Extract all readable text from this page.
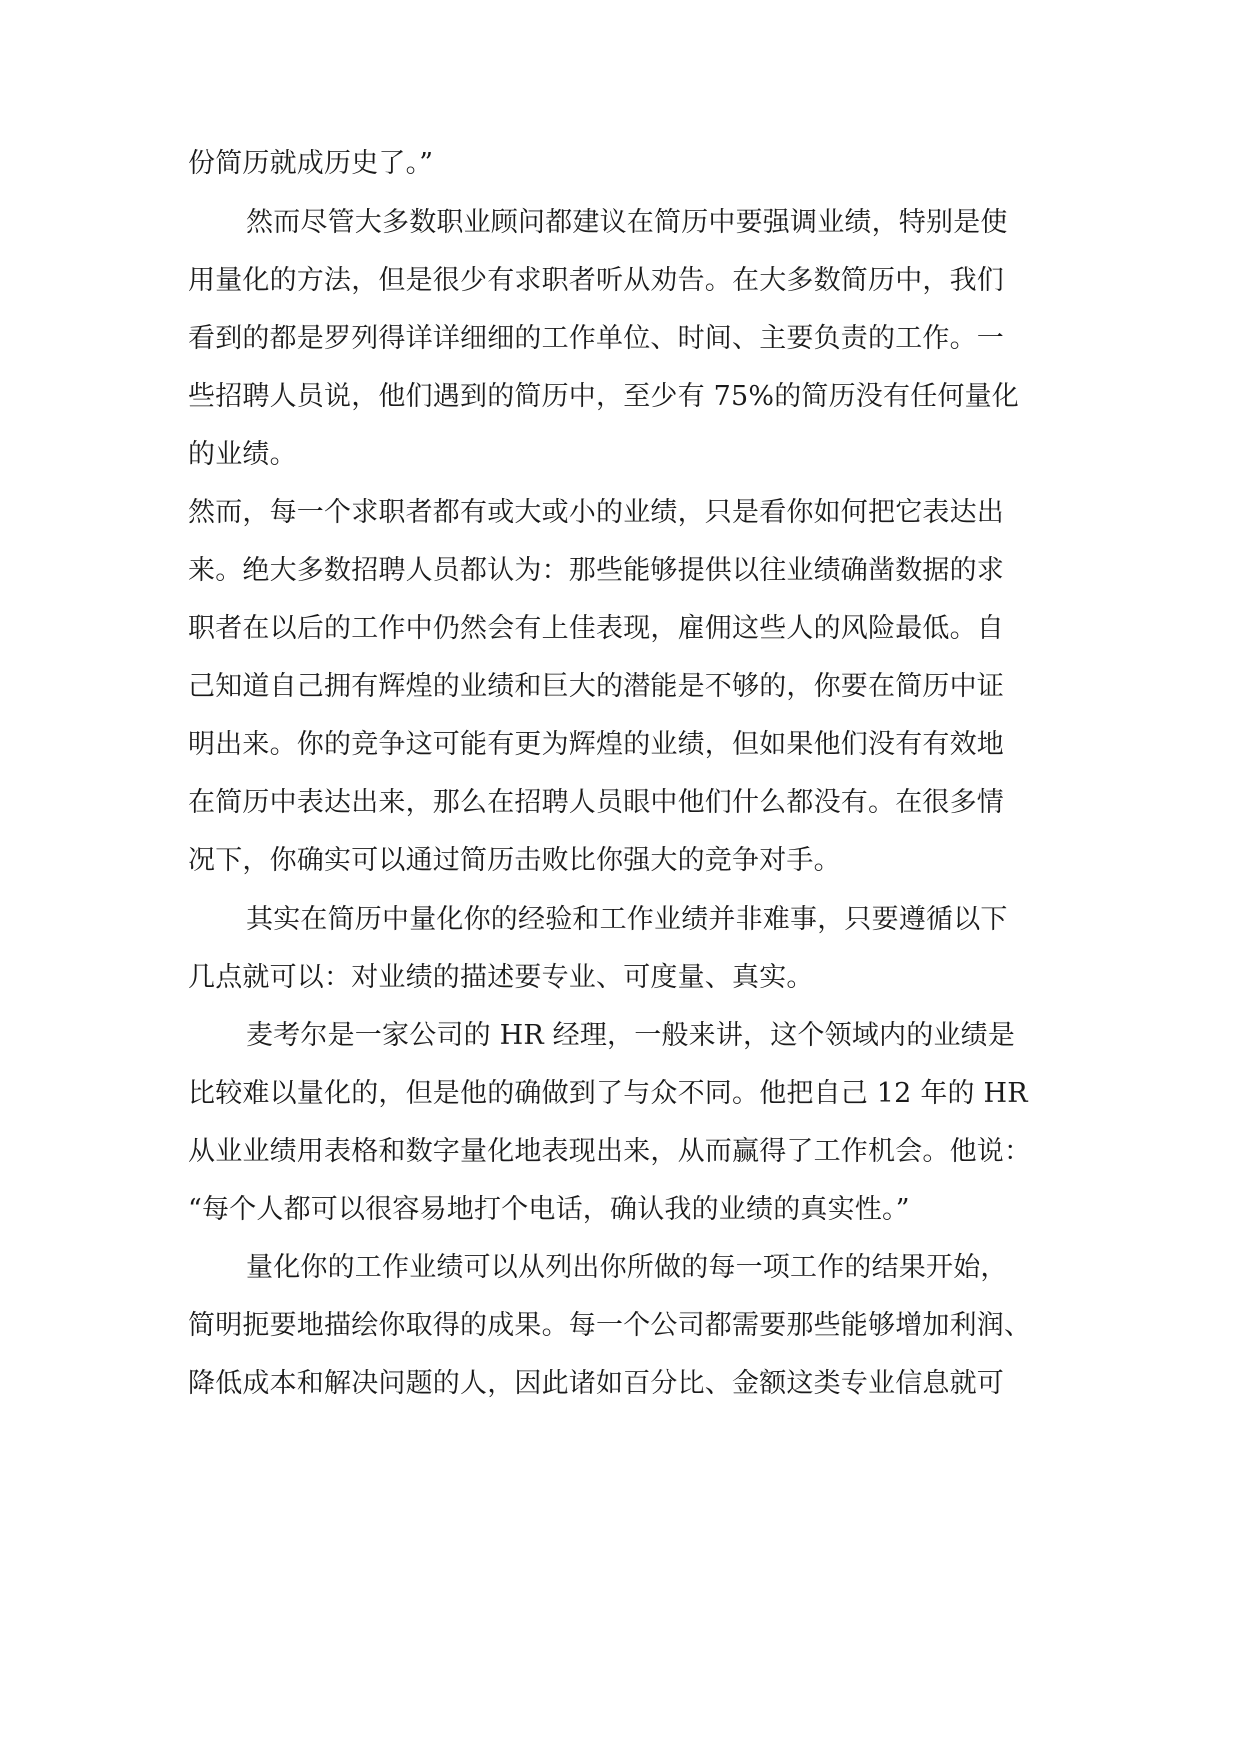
份简历就成历史了。”
然而尽管大多数职业顾问都建议在简历中要强调业绩，特别是使
用量化的方法，但是很少有求职者听从劝告。在大多数简历中，我们
看到的都是罗列得详详细细的工作单位、时间、主要负责的工作。一
些招聘人员说，他们遇到的简历中，至少有 75%的简历没有任何量化
的业绩。
然而，每一个求职者都有或大或小的业绩，只是看你如何把它表达出
来。绝大多数招聘人员都认为：那些能够提供以往业绩确凿数据的求
职者在以后的工作中仍然会有上佳表现，雇佣这些人的风险最低。自
己知道自己拥有辉煌的业绩和巨大的潜能是不够的，你要在简历中证
明出来。你的竞争这可能有更为辉煌的业绩，但如果他们没有有效地
在简历中表达出来，那么在招聘人员眼中他们什么都没有。在很多情
况下，你确实可以通过简历击败比你强大的竞争对手。
其实在简历中量化你的经验和工作业绩并非难事，只要遵循以下
几点就可以：对业绩的描述要专业、可度量、真实。
麦考尔是一家公司的 HR 经理，一般来讲，这个领域内的业绩是
比较难以量化的，但是他的确做到了与众不同。他把自己 12 年的 HR
从业业绩用表格和数字量化地表现出来，从而赢得了工作机会。他说：
“每个人都可以很容易地打个电话，确认我的业绩的真实性。”
量化你的工作业绩可以从列出你所做的每一项工作的结果开始，
简明扼要地描绘你取得的成果。每一个公司都需要那些能够增加利润、
降低成本和解决问题的人，因此诸如百分比、金额这类专业信息就可
